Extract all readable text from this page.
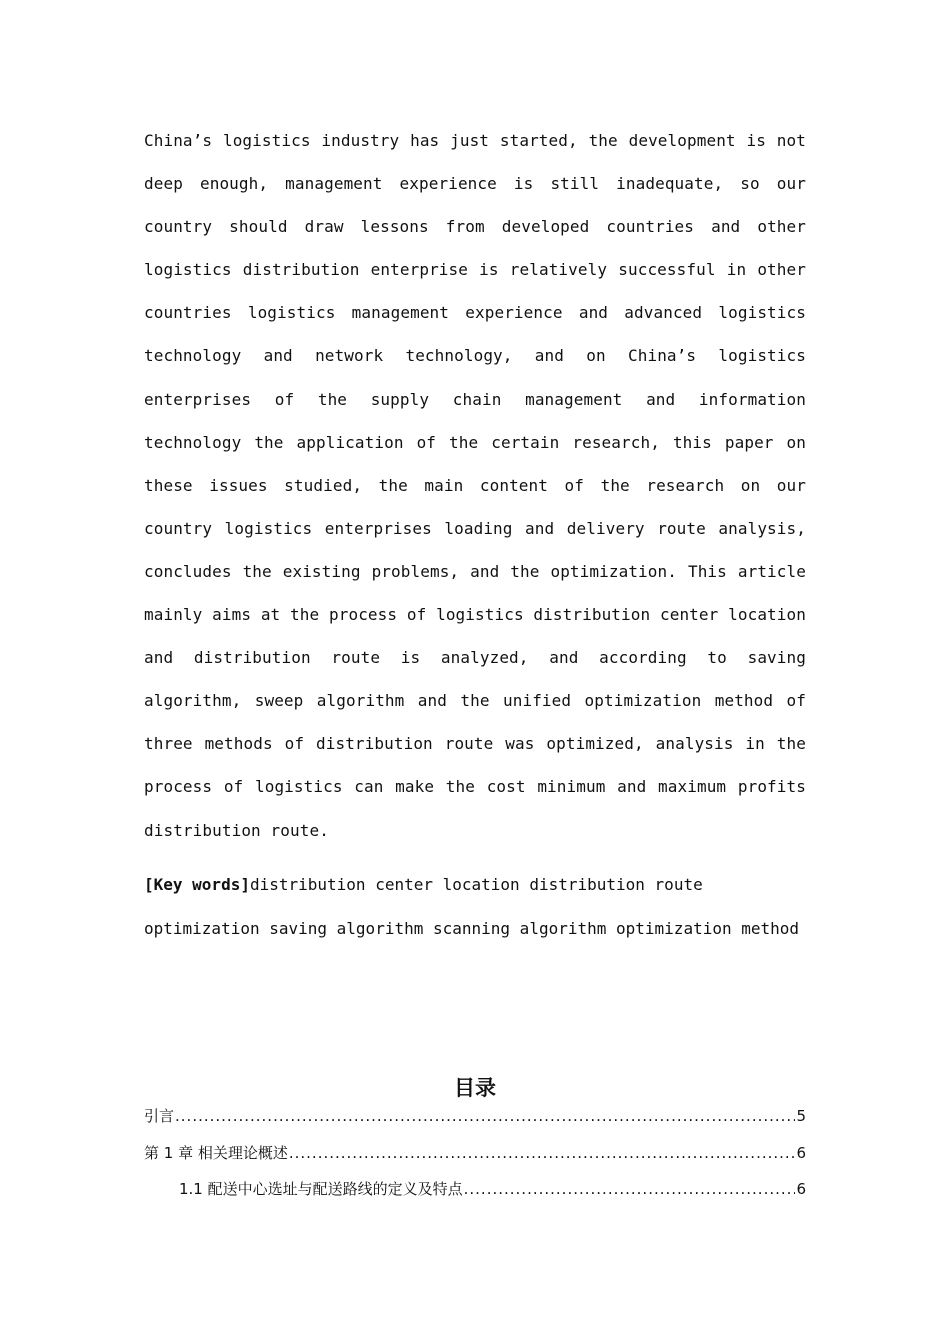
China’s logistics industry has just started, the development is not deep enough, management experience is still inadequate, so our country should draw lessons from developed countries and other logistics distribution enterprise is relatively successful in other countries logistics management experience and advanced logistics technology and network technology, and on China’s logistics enterprises of the supply chain management and information technology the application of the certain research, this paper on these issues studied, the main content of the research on our country logistics enterprises loading and delivery route analysis, concludes the existing problems, and the optimization. This article mainly aims at the process of logistics distribution center location and distribution route is analyzed, and according to saving algorithm, sweep algorithm and the unified optimization method of three methods of distribution route was optimized, analysis in the process of logistics can make the cost minimum and maximum profits distribution route.

[Key words]distribution center location distribution route
optimization saving algorithm scanning algorithm optimization method
目录
引言 .....	5
第 1 章 相关理论概述 .....	6
1.1 配送中心选址与配送路线的定义及特点 .....	6
